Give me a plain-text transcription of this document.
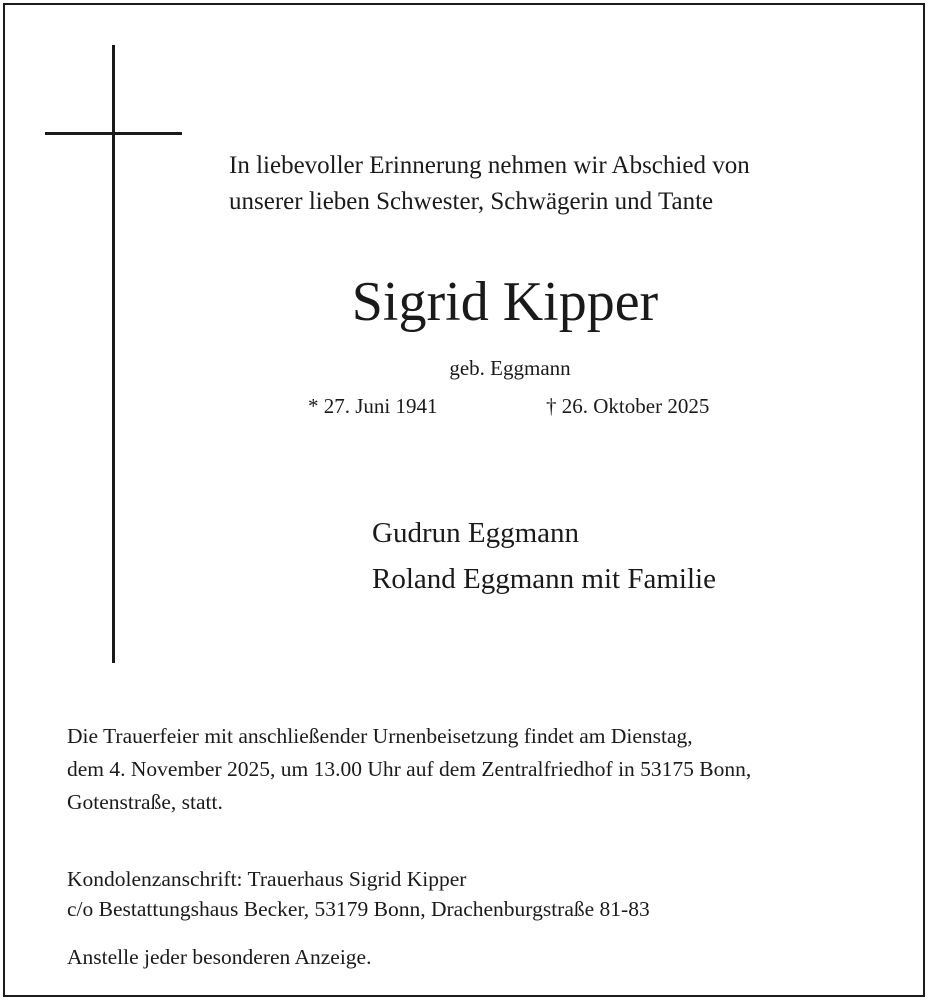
In liebevoller Erinnerung nehmen wir Abschied von
unserer lieben Schwester, Schwägerin und Tante
Sigrid Kipper
geb. Eggmann
* 27. Juni 1941	† 26. Oktober 2025
Gudrun Eggmann
Roland Eggmann mit Familie
Die Trauerfeier mit anschließender Urnenbeisetzung findet am Dienstag,
dem 4. November 2025, um 13.00 Uhr auf dem Zentralfriedhof in 53175 Bonn,
Gotenstraße, statt.
Kondolenzanschrift: Trauerhaus Sigrid Kipper
c/o Bestattungshaus Becker, 53179 Bonn, Drachenburgstraße 81-83
Anstelle jeder besonderen Anzeige.
